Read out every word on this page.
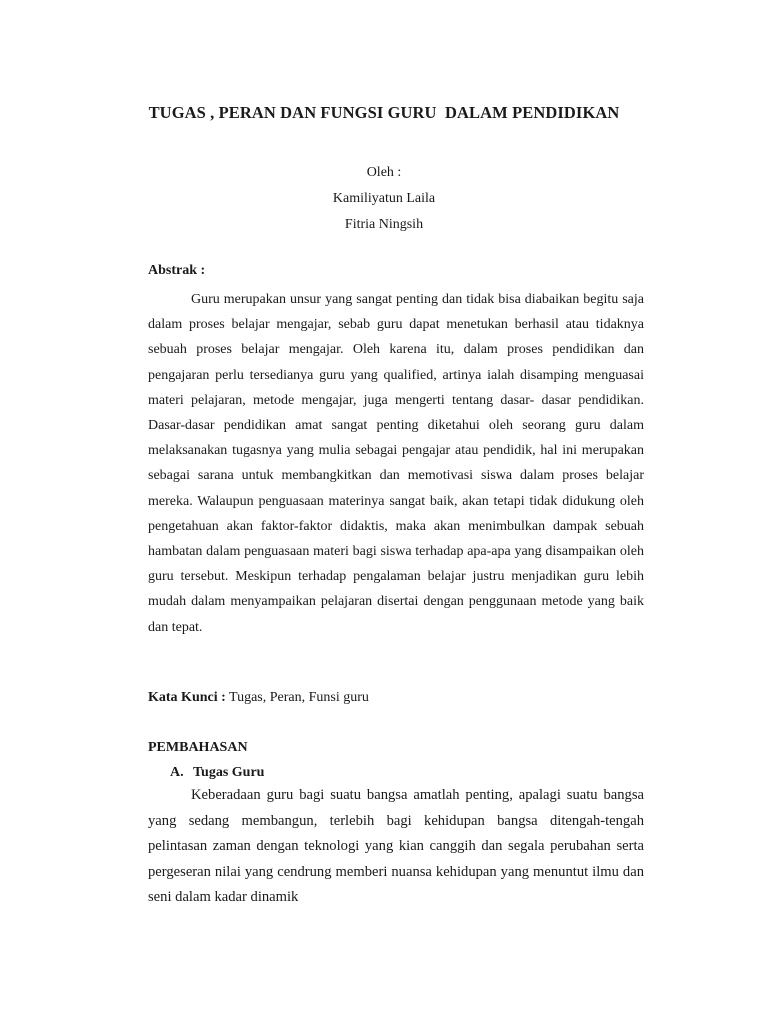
TUGAS , PERAN DAN FUNGSI GURU  DALAM PENDIDIKAN
Oleh :
Kamiliyatun Laila
Fitria Ningsih
Abstrak :

Guru merupakan unsur yang sangat penting dan tidak bisa diabaikan begitu saja dalam proses belajar mengajar, sebab guru dapat menetukan berhasil atau tidaknya sebuah proses belajar mengajar. Oleh karena itu, dalam proses pendidikan dan pengajaran perlu tersedianya guru yang qualified, artinya ialah disamping menguasai materi pelajaran, metode mengajar, juga mengerti tentang dasar- dasar pendidikan. Dasar-dasar pendidikan amat sangat penting diketahui oleh seorang guru dalam melaksanakan tugasnya yang mulia sebagai pengajar atau pendidik, hal ini merupakan sebagai sarana untuk membangkitkan dan memotivasi siswa dalam proses belajar mereka. Walaupun penguasaan materinya sangat baik, akan tetapi tidak didukung oleh pengetahuan akan faktor-faktor didaktis, maka akan menimbulkan dampak sebuah hambatan dalam penguasaan materi bagi siswa terhadap apa-apa yang disampaikan oleh guru tersebut. Meskipun terhadap pengalaman belajar justru menjadikan guru lebih mudah dalam menyampaikan pelajaran disertai dengan penggunaan metode yang baik dan tepat.

Kata Kunci : Tugas, Peran, Funsi guru
PEMBAHASAN
A. Tugas Guru

Keberadaan guru bagi suatu bangsa amatlah penting, apalagi suatu bangsa yang sedang membangun, terlebih bagi kehidupan bangsa ditengah-tengah pelintasan zaman dengan teknologi yang kian canggih dan segala perubahan serta pergeseran nilai yang cendrung memberi nuansa kehidupan yang menuntut ilmu dan seni dalam kadar dinamik
